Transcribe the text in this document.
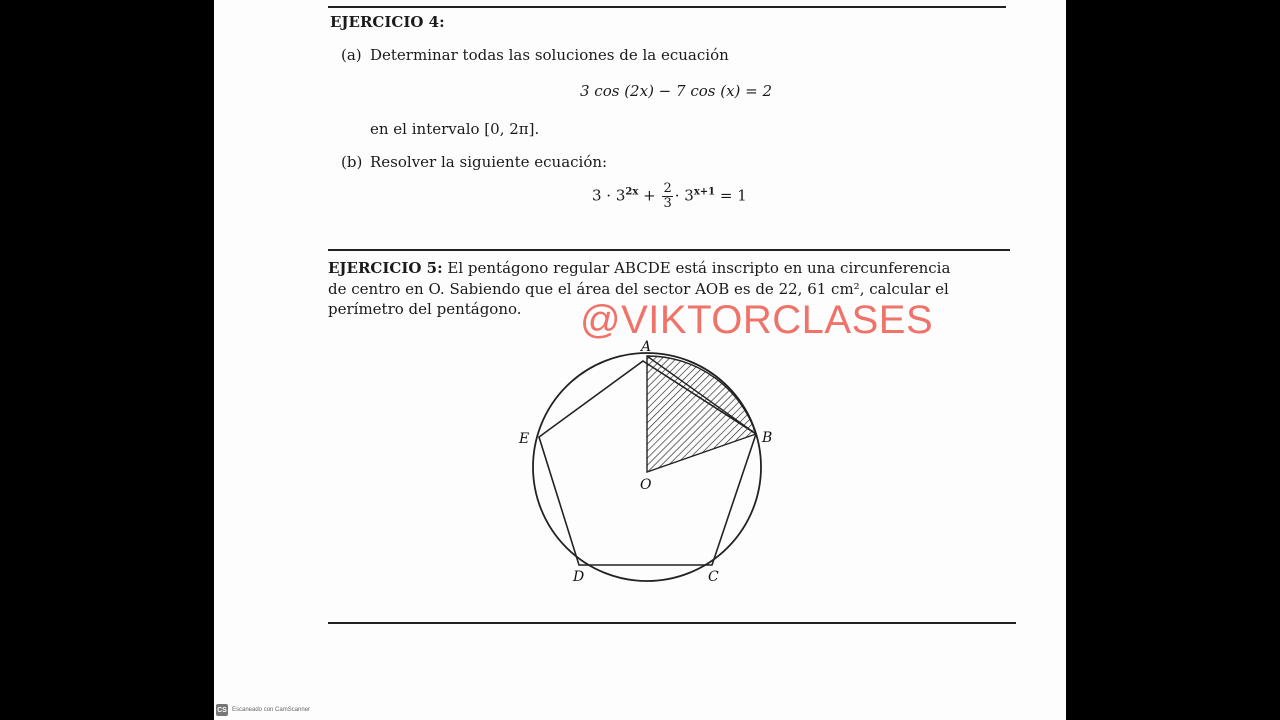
EJERCICIO 4:
(a) Determinar todas las soluciones de la ecuación
3 cos (2x) − 7 cos (x) = 2
en el intervalo [0, 2π].
(b) Resolver la siguiente ecuación:
$3 \cdot 3^{2x} + \frac{2}{3} \cdot 3^{x+1} = 1$
EJERCICIO 5: El pentágono regular ABCDE está inscripto en una circunferencia de centro en O. Sabiendo que el área del sector AOB es de 22, 61 cm², calcular el perímetro del pentágono.
A
B
C
D
E
O
@VIKTORCLASES
CS Escaneado con CamScanner
